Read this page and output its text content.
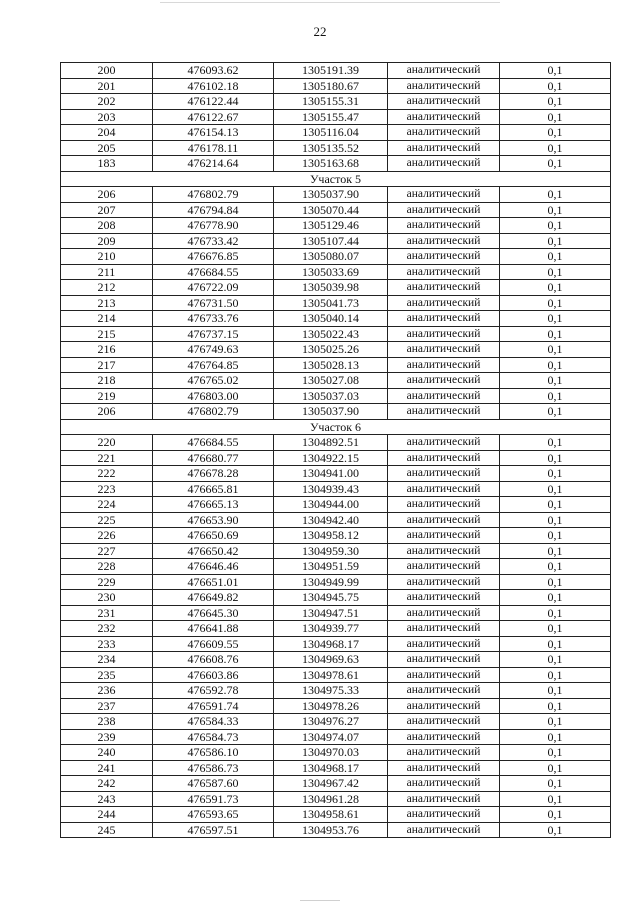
22
200	476093.62	1305191.39	аналитический	0,1
201	476102.18	1305180.67	аналитический	0,1
202	476122.44	1305155.31	аналитический	0,1
203	476122.67	1305155.47	аналитический	0,1
204	476154.13	1305116.04	аналитический	0,1
205	476178.11	1305135.52	аналитический	0,1
183	476214.64	1305163.68	аналитический	0,1
Участок 5				
206	476802.79	1305037.90	аналитический	0,1
207	476794.84	1305070.44	аналитический	0,1
208	476778.90	1305129.46	аналитический	0,1
209	476733.42	1305107.44	аналитический	0,1
210	476676.85	1305080.07	аналитический	0,1
211	476684.55	1305033.69	аналитический	0,1
212	476722.09	1305039.98	аналитический	0,1
213	476731.50	1305041.73	аналитический	0,1
214	476733.76	1305040.14	аналитический	0,1
215	476737.15	1305022.43	аналитический	0,1
216	476749.63	1305025.26	аналитический	0,1
217	476764.85	1305028.13	аналитический	0,1
218	476765.02	1305027.08	аналитический	0,1
219	476803.00	1305037.03	аналитический	0,1
206	476802.79	1305037.90	аналитический	0,1
Участок 6				
220	476684.55	1304892.51	аналитический	0,1
221	476680.77	1304922.15	аналитический	0,1
222	476678.28	1304941.00	аналитический	0,1
223	476665.81	1304939.43	аналитический	0,1
224	476665.13	1304944.00	аналитический	0,1
225	476653.90	1304942.40	аналитический	0,1
226	476650.69	1304958.12	аналитический	0,1
227	476650.42	1304959.30	аналитический	0,1
228	476646.46	1304951.59	аналитический	0,1
229	476651.01	1304949.99	аналитический	0,1
230	476649.82	1304945.75	аналитический	0,1
231	476645.30	1304947.51	аналитический	0,1
232	476641.88	1304939.77	аналитический	0,1
233	476609.55	1304968.17	аналитический	0,1
234	476608.76	1304969.63	аналитический	0,1
235	476603.86	1304978.61	аналитический	0,1
236	476592.78	1304975.33	аналитический	0,1
237	476591.74	1304978.26	аналитический	0,1
238	476584.33	1304976.27	аналитический	0,1
239	476584.73	1304974.07	аналитический	0,1
240	476586.10	1304970.03	аналитический	0,1
241	476586.73	1304968.17	аналитический	0,1
242	476587.60	1304967.42	аналитический	0,1
243	476591.73	1304961.28	аналитический	0,1
244	476593.65	1304958.61	аналитический	0,1
245	476597.51	1304953.76	аналитический	0,1
